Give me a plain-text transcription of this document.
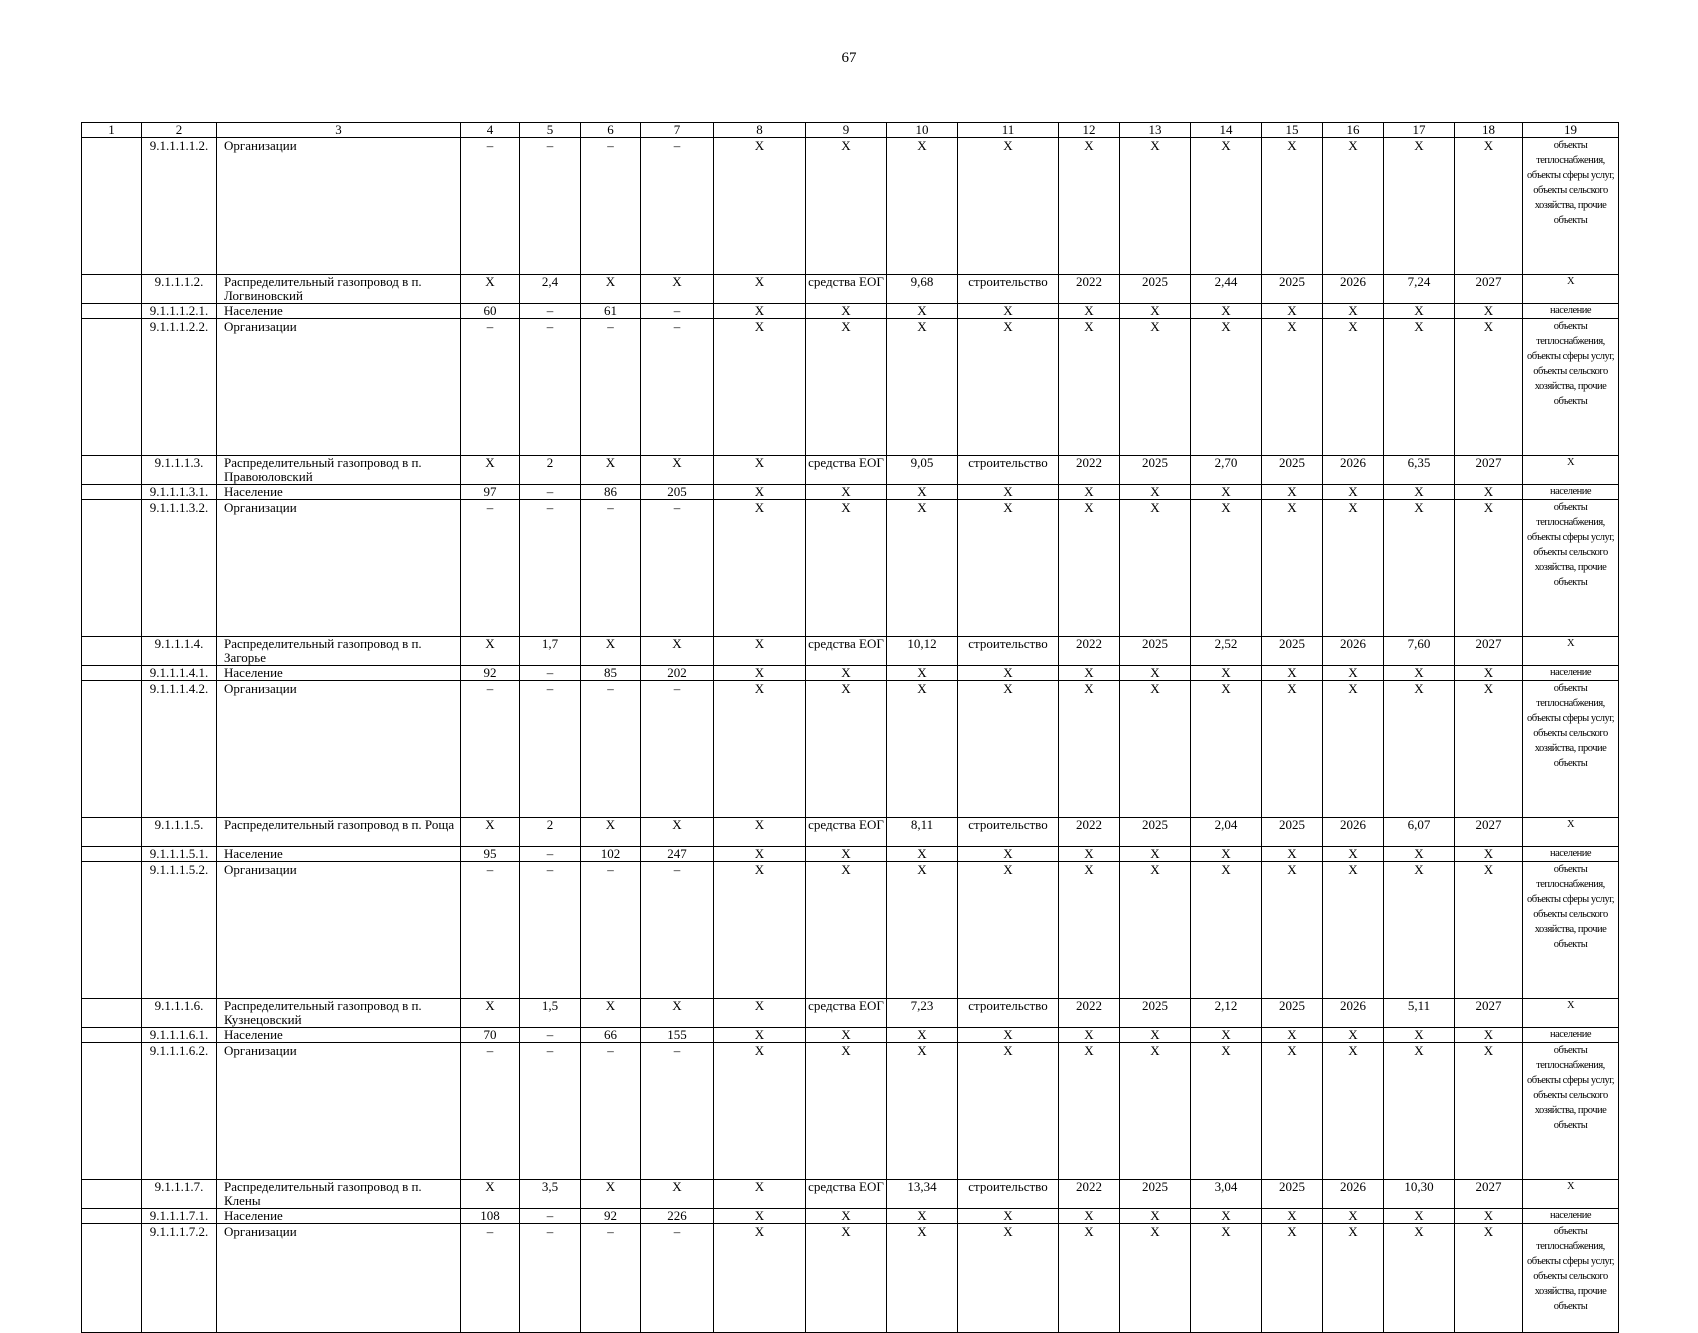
67
1	2	3	4	5	6	7	8	9	10	11	12	13	14	15	16	17	18	19
	9.1.1.1.1.2.	Организации	–	–	–	–	X	X	X	X	X	X	X	X	X	X	X	объекты теплоснабжения, объекты сферы услуг, объекты сельского хозяйства, прочие объекты
	9.1.1.1.2.	Распределительный газопровод в п. Логвиновский	X	2,4	X	X	X	средства ЕОГ	9,68	строительство	2022	2025	2,44	2025	2026	7,24	2027	X
	9.1.1.1.2.1.	Население	60	–	61	–	X	X	X	X	X	X	X	X	X	X	X	население
	9.1.1.1.2.2.	Организации	–	–	–	–	X	X	X	X	X	X	X	X	X	X	X	объекты теплоснабжения, объекты сферы услуг, объекты сельского хозяйства, прочие объекты
	9.1.1.1.3.	Распределительный газопровод в п. Правоюловский	X	2	X	X	X	средства ЕОГ	9,05	строительство	2022	2025	2,70	2025	2026	6,35	2027	X
	9.1.1.1.3.1.	Население	97	–	86	205	X	X	X	X	X	X	X	X	X	X	X	население
	9.1.1.1.3.2.	Организации	–	–	–	–	X	X	X	X	X	X	X	X	X	X	X	объекты теплоснабжения, объекты сферы услуг, объекты сельского хозяйства, прочие объекты
	9.1.1.1.4.	Распределительный газопровод в п. Загорье	X	1,7	X	X	X	средства ЕОГ	10,12	строительство	2022	2025	2,52	2025	2026	7,60	2027	X
	9.1.1.1.4.1.	Население	92	–	85	202	X	X	X	X	X	X	X	X	X	X	X	население
	9.1.1.1.4.2.	Организации	–	–	–	–	X	X	X	X	X	X	X	X	X	X	X	объекты теплоснабжения, объекты сферы услуг, объекты сельского хозяйства, прочие объекты
	9.1.1.1.5.	Распределительный газопровод в п. Роща	X	2	X	X	X	средства ЕОГ	8,11	строительство	2022	2025	2,04	2025	2026	6,07	2027	X
	9.1.1.1.5.1.	Население	95	–	102	247	X	X	X	X	X	X	X	X	X	X	X	население
	9.1.1.1.5.2.	Организации	–	–	–	–	X	X	X	X	X	X	X	X	X	X	X	объекты теплоснабжения, объекты сферы услуг, объекты сельского хозяйства, прочие объекты
	9.1.1.1.6.	Распределительный газопровод в п. Кузнецовский	X	1,5	X	X	X	средства ЕОГ	7,23	строительство	2022	2025	2,12	2025	2026	5,11	2027	X
	9.1.1.1.6.1.	Население	70	–	66	155	X	X	X	X	X	X	X	X	X	X	X	население
	9.1.1.1.6.2.	Организации	–	–	–	–	X	X	X	X	X	X	X	X	X	X	X	объекты теплоснабжения, объекты сферы услуг, объекты сельского хозяйства, прочие объекты
	9.1.1.1.7.	Распределительный газопровод в п. Клены	X	3,5	X	X	X	средства ЕОГ	13,34	строительство	2022	2025	3,04	2025	2026	10,30	2027	X
	9.1.1.1.7.1.	Население	108	–	92	226	X	X	X	X	X	X	X	X	X	X	X	население
	9.1.1.1.7.2.	Организации	–	–	–	–	X	X	X	X	X	X	X	X	X	X	X	объекты теплоснабжения, объекты сферы услуг, объекты сельского хозяйства, прочие объекты
